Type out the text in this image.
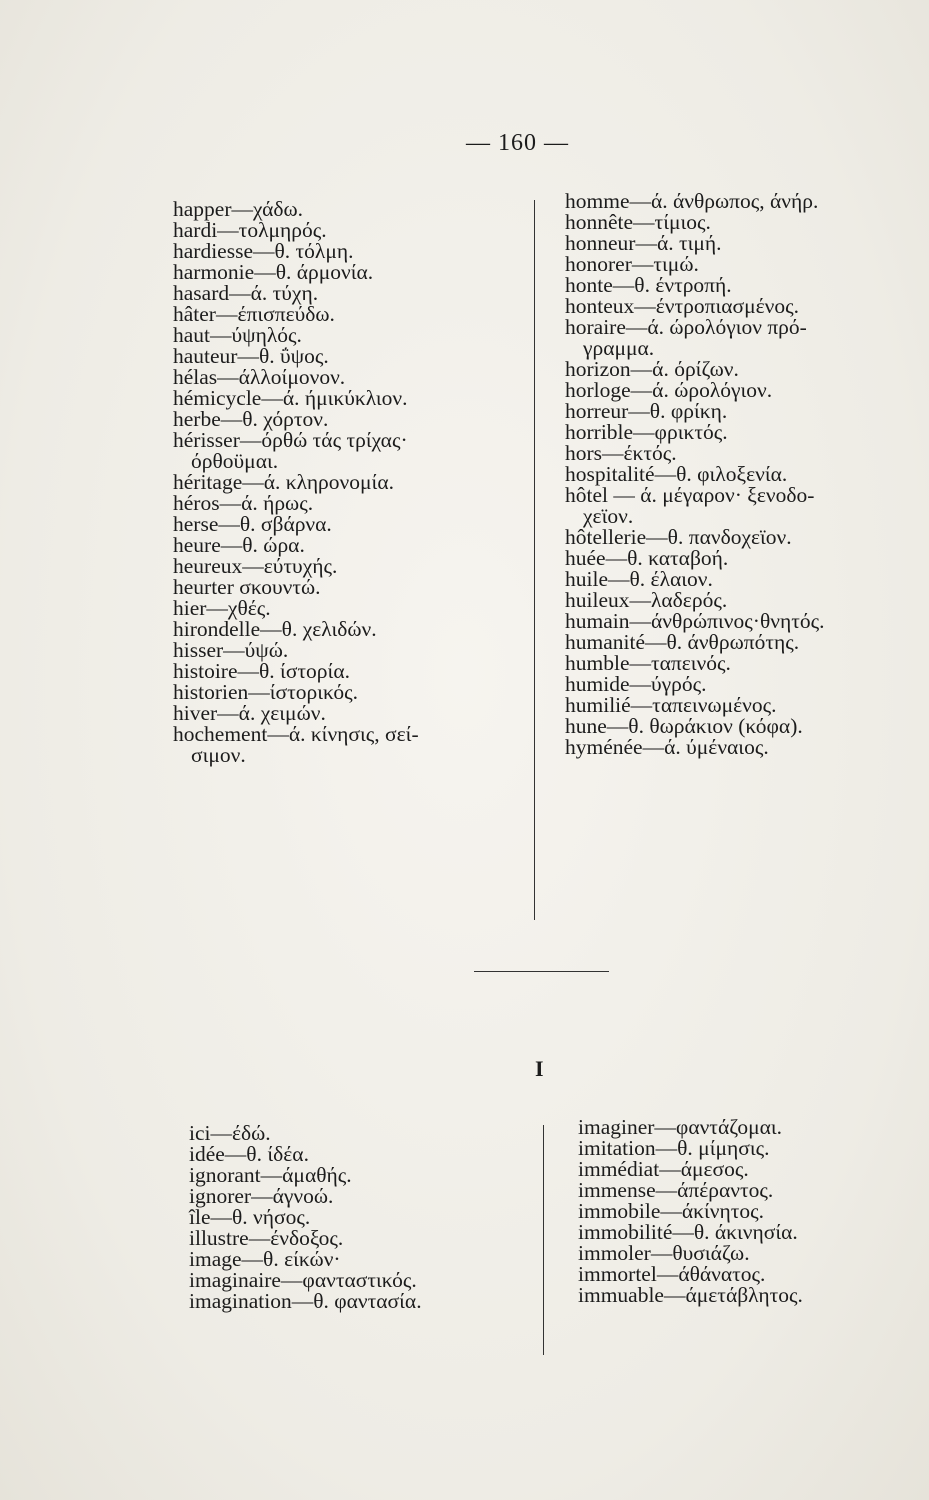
— 160 —
happer—χάδω.
hardi—τολμηρός.
hardiesse—θ. τόλμη.
harmonie—θ. άρμονία.
hasard—ά. τύχη.
hâter—έπισπεύδω.
haut—ύψηλός.
hauteur—θ. ΰψος.
hélas—άλλοίμονον.
hémicycle—ά. ήμικύκλιον.
herbe—θ. χόρτον.
hérisser—όρθώ τάς τρίχας·
όρθοϋμαι.
héritage—ά. κληρονομία.
héros—ά. ήρως.
herse—θ. σβάρνα.
heure—θ. ώρα.
heureux—εύτυχής.
heurter σκουντώ.
hier—χθές.
hirondelle—θ. χελιδών.
hisser—ύψώ.
histoire—θ. ίστορία.
historien—ίστορικός.
hiver—ά. χειμών.
hochement—ά. κίνησις, σεί-
σιμον.
homme—ά. άνθρωπος, άνήρ.
honnête—τίμιος.
honneur—ά. τιμή.
honorer—τιμώ.
honte—θ. έντροπή.
honteux—έντροπιασμένος.
horaire—ά. ώρολόγιον πρό-
γραμμα.
horizon—ά. όρίζων.
horloge—ά. ώρολόγιον.
horreur—θ. φρίκη.
horrible—φρικτός.
hors—έκτός.
hospitalité—θ. φιλοξενία.
hôtel — ά. μέγαρον· ξενοδο-
χεϊον.
hôtellerie—θ. πανδοχεϊον.
huée—θ. καταβοή.
huile—θ. έλαιον.
huileux—λαδερός.
humain—άνθρώπινος·θνητός.
humanité—θ. άνθρωπότης.
humble—ταπεινός.
humide—ύγρός.
humilié—ταπεινωμένος.
hune—θ. θωράκιον (κόφα).
hyménée—ά. ύμέναιος.
I
ici—έδώ.
idée—θ. ίδέα.
ignorant—άμαθής.
ignorer—άγνοώ.
île—θ. νήσος.
illustre—ένδοξος.
image—θ. είκών·
imaginaire—φανταστικός.
imagination—θ. φαντασία.
imaginer—φαντάζομαι.
imitation—θ. μίμησις.
immédiat—άμεσος.
immense—άπέραντος.
immobile—άκίνητος.
immobilité—θ. άκινησία.
immoler—θυσιάζω.
immortel—άθάνατος.
immuable—άμετάβλητος.
